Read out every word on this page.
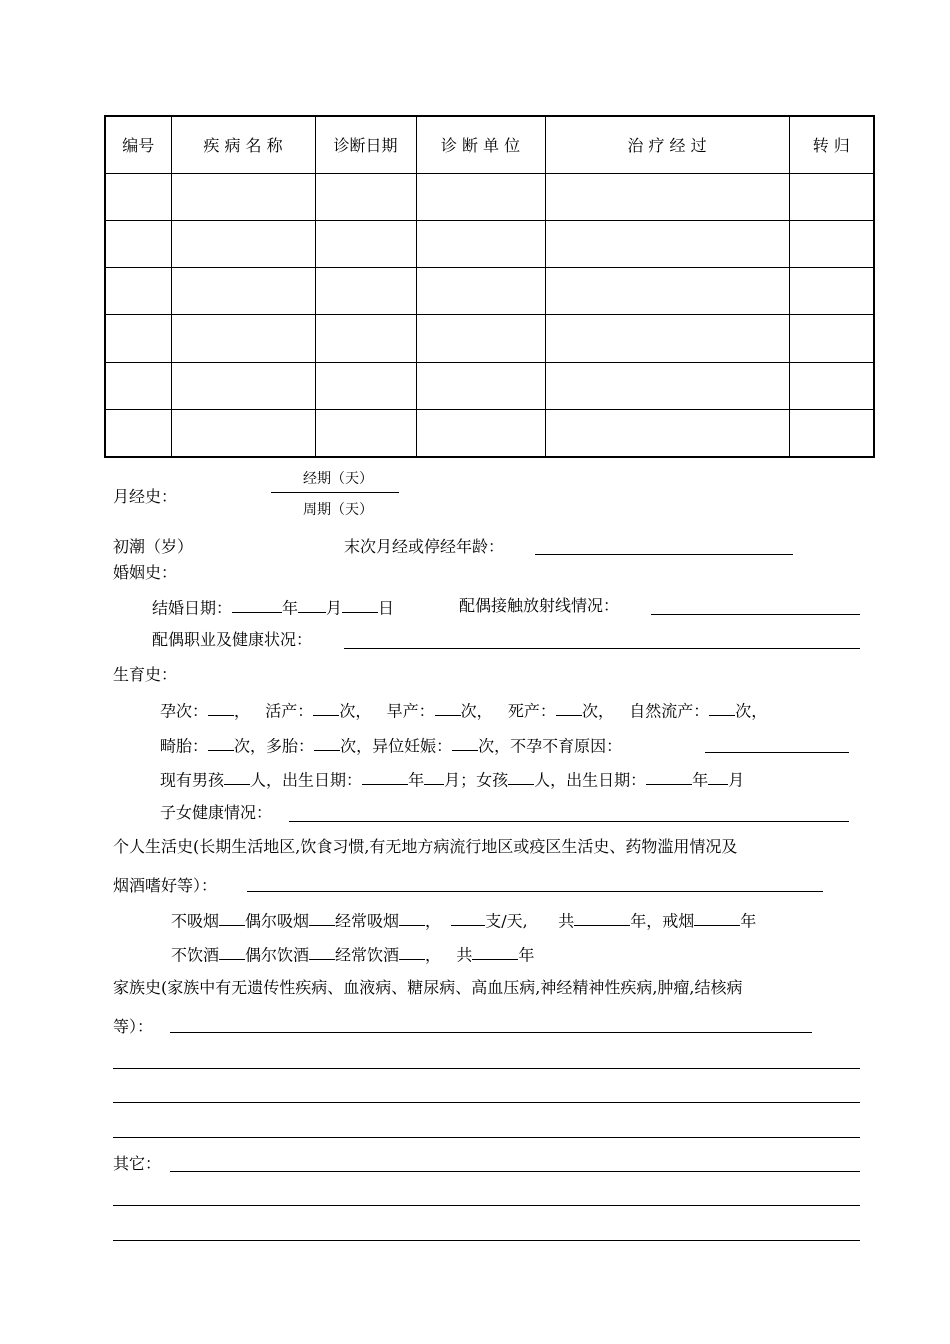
编号	疾 病 名 称	诊断日期	诊 断 单 位	治 疗 经 过	转 归

月经史：
经期（天）
周期（天）
初潮（岁）	末次月经或停经年龄：
婚姻史：
结婚日期：	年 月 日	配偶接触放射线情况：
配偶职业及健康状况：
生育史：
孕次： ， 活产： 次， 早产： 次， 死产： 次， 自然流产： 次，
畸胎： 次，多胎： 次，异位妊娠： 次，不孕不育原因：
现有男孩 人，出生日期：	年 月；女孩 人，出生日期：	年 月
子女健康情况：
个人生活史(长期生活地区,饮食习惯,有无地方病流行地区或疫区生活史、药物滥用情况及
烟酒嗜好等）：
不吸烟 偶尔吸烟 经常吸烟 ，	支/天, 共	年，戒烟	年
不饮酒 偶尔饮酒 经常饮酒 ， 共	年
家族史(家族中有无遗传性疾病、血液病、糖尿病、高血压病,神经精神性疾病,肿瘤,结核病
等）：
其它：
